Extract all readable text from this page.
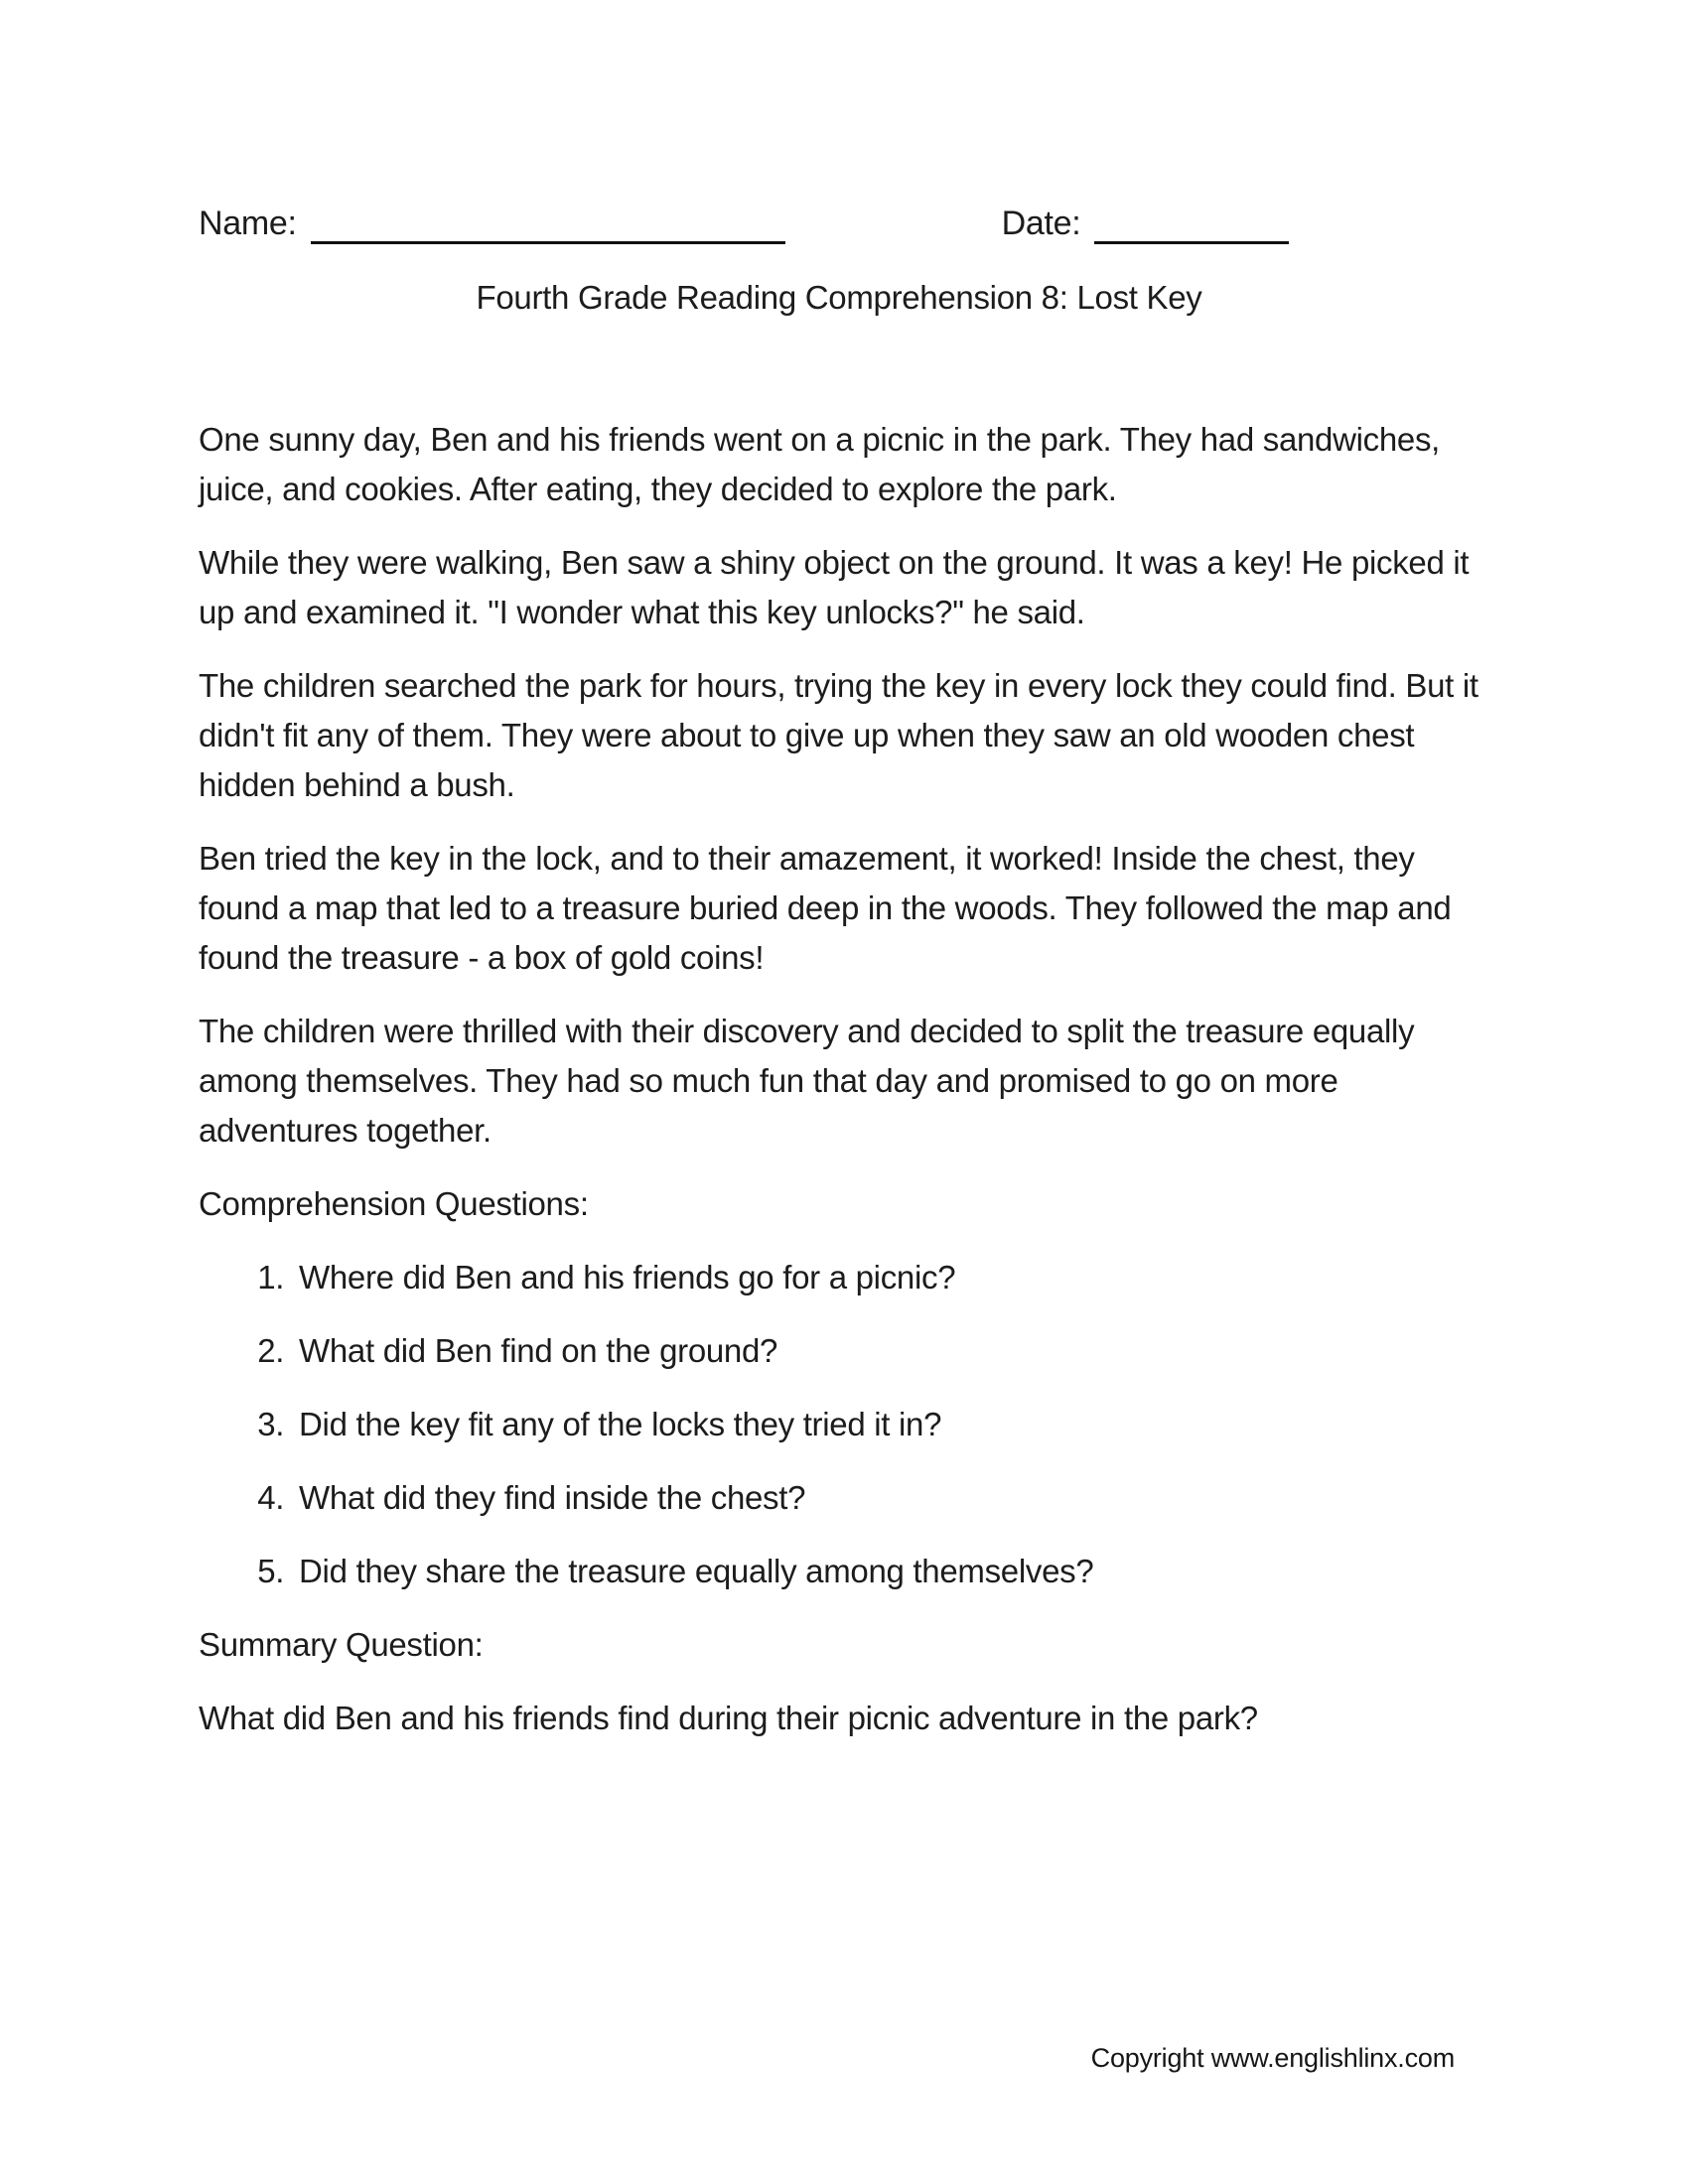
Name:	Date:
Fourth Grade Reading Comprehension 8: Lost Key

One sunny day, Ben and his friends went on a picnic in the park. They had sandwiches, juice, and cookies. After eating, they decided to explore the park.

While they were walking, Ben saw a shiny object on the ground. It was a key! He picked it up and examined it. "I wonder what this key unlocks?" he said.

The children searched the park for hours, trying the key in every lock they could find. But it didn't fit any of them. They were about to give up when they saw an old wooden chest hidden behind a bush.

Ben tried the key in the lock, and to their amazement, it worked! Inside the chest, they found a map that led to a treasure buried deep in the woods. They followed the map and found the treasure - a box of gold coins!

The children were thrilled with their discovery and decided to split the treasure equally among themselves. They had so much fun that day and promised to go on more adventures together.

Comprehension Questions:

1. Where did Ben and his friends go for a picnic?
2. What did Ben find on the ground?
3. Did the key fit any of the locks they tried it in?
4. What did they find inside the chest?
5. Did they share the treasure equally among themselves?

Summary Question:

What did Ben and his friends find during their picnic adventure in the park?

Copyright www.englishlinx.com
